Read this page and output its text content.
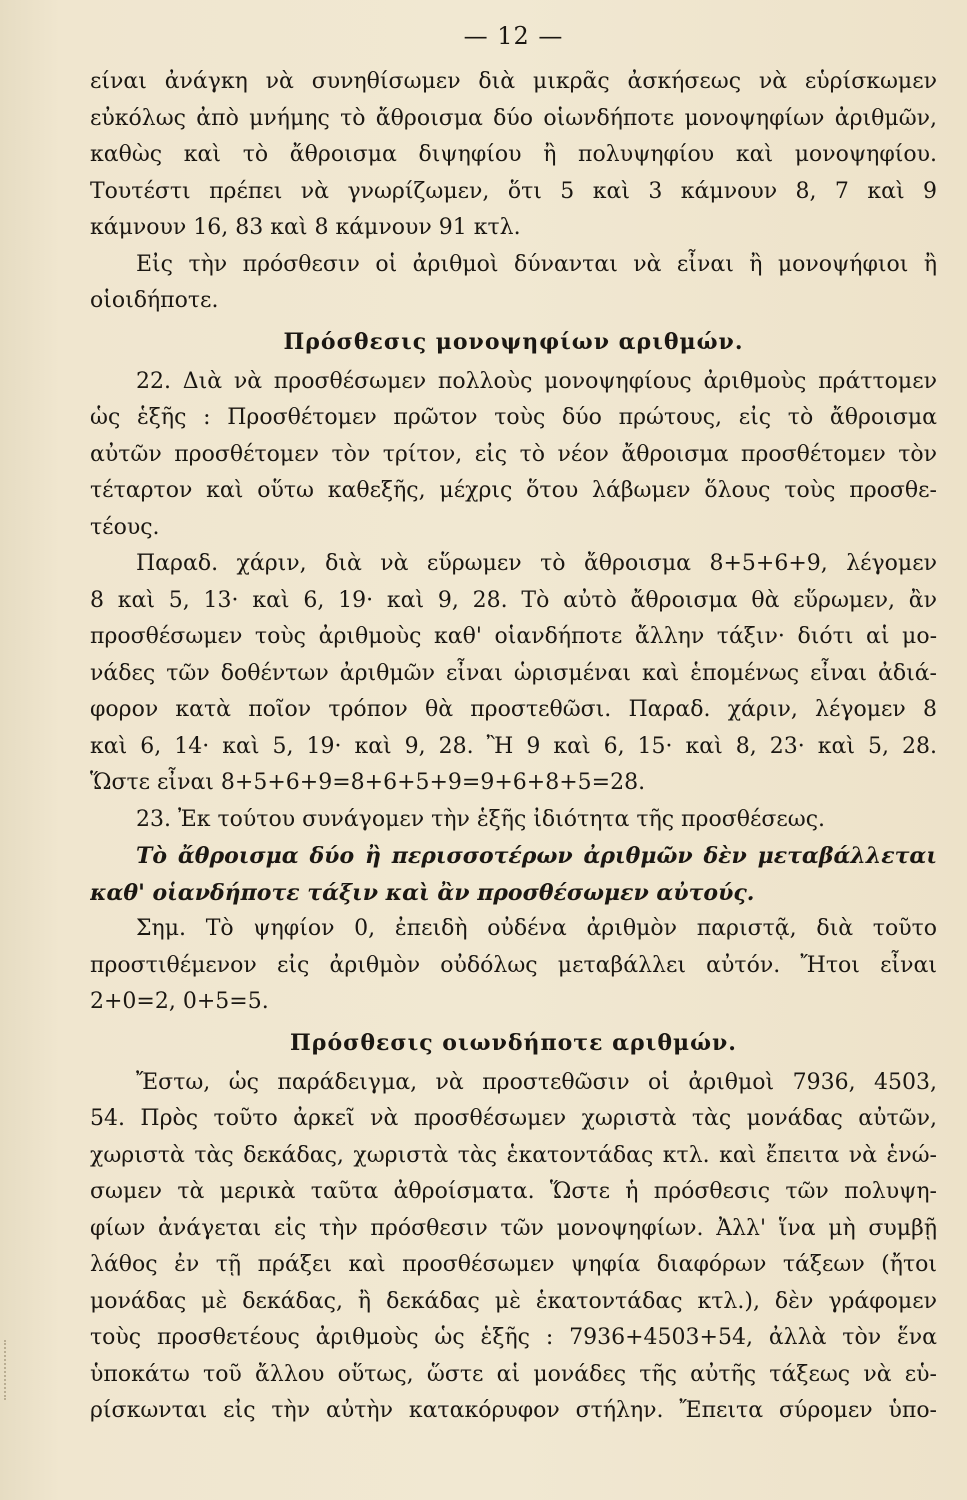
— 12 —
είναι ἀνάγκη νὰ συνηθίσωμεν διὰ μικρᾶς ἀσκήσεως νὰ εὑρίσκωμεν
εὐκόλως ἀπὸ μνήμης τὸ ἄθροισμα δύο οἱωνδήποτε μονοψηφίων ἀριθμῶν,
καθὼς καὶ τὸ ἄθροισμα διψηφίου ἢ πολυψηφίου καὶ μονοψηφίου.
Τουτέστι πρέπει νὰ γνωρίζωμεν, ὅτι 5 καὶ 3 κάμνουν 8, 7 καὶ 9
κάμνουν 16, 83 καὶ 8 κάμνουν 91 κτλ.
Εἰς τὴν πρόσθεσιν οἱ ἀριθμοὶ δύνανται νὰ εἶναι ἢ μονοψήφιοι ἢ
οἱοιδήποτε.
Πρόσθεσις μονοψηφίων αριθμών.
22. Διὰ νὰ προσθέσωμεν πολλοὺς μονοψηφίους ἀριθμοὺς πράττομεν
ὡς ἑξῆς : Προσθέτομεν πρῶτον τοὺς δύο πρώτους, εἰς τὸ ἄθροισμα
αὐτῶν προσθέτομεν τὸν τρίτον, εἰς τὸ νέον ἄθροισμα προσθέτομεν τὸν
τέταρτον καὶ οὕτω καθεξῆς, μέχρις ὅτου λάβωμεν ὅλους τοὺς προσθε-
τέους.
Παραδ. χάριν, διὰ νὰ εὕρωμεν τὸ ἄθροισμα 8+5+6+9, λέγομεν
8 καὶ 5, 13· καὶ 6, 19· καὶ 9, 28. Τὸ αὐτὸ ἄθροισμα θὰ εὕρωμεν, ἂν
προσθέσωμεν τοὺς ἀριθμοὺς καθ' οἱανδήποτε ἄλλην τάξιν· διότι αἱ μο-
νάδες τῶν δοθέντων ἀριθμῶν εἶναι ὡρισμέναι καὶ ἑπομένως εἶναι ἀδιά-
φορον κατὰ ποῖον τρόπον θὰ προστεθῶσι. Παραδ. χάριν, λέγομεν 8
καὶ 6, 14· καὶ 5, 19· καὶ 9, 28. Ἢ 9 καὶ 6, 15· καὶ 8, 23· καὶ 5, 28.
Ὥστε εἶναι 8+5+6+9=8+6+5+9=9+6+8+5=28.
23. Ἐκ τούτου συνάγομεν τὴν ἑξῆς ἰδιότητα τῆς προσθέσεως.
Τὸ ἄθροισμα δύο ἢ περισσοτέρων ἀριθμῶν δὲν μεταβάλλεται
καθ' οἱανδήποτε τάξιν καὶ ἂν προσθέσωμεν αὐτούς.
Σημ. Τὸ ψηφίον 0, ἐπειδὴ οὐδένα ἀριθμὸν παριστᾷ, διὰ τοῦτο
προστιθέμενον εἰς ἀριθμὸν οὐδόλως μεταβάλλει αὐτόν. Ἤτοι εἶναι
2+0=2, 0+5=5.
Πρόσθεσις οιωνδήποτε αριθμών.
Ἔστω, ὡς παράδειγμα, νὰ προστεθῶσιν οἱ ἀριθμοὶ 7936, 4503,
54. Πρὸς τοῦτο ἀρκεῖ νὰ προσθέσωμεν χωριστὰ τὰς μονάδας αὐτῶν,
χωριστὰ τὰς δεκάδας, χωριστὰ τὰς ἑκατοντάδας κτλ. καὶ ἔπειτα νὰ ἑνώ-
σωμεν τὰ μερικὰ ταῦτα ἀθροίσματα. Ὥστε ἡ πρόσθεσις τῶν πολυψη-
φίων ἀνάγεται εἰς τὴν πρόσθεσιν τῶν μονοψηφίων. Ἀλλ' ἵνα μὴ συμβῇ
λάθος ἐν τῇ πράξει καὶ προσθέσωμεν ψηφία διαφόρων τάξεων (ἤτοι
μονάδας μὲ δεκάδας, ἢ δεκάδας μὲ ἑκατοντάδας κτλ.), δὲν γράφομεν
τοὺς προσθετέους ἀριθμοὺς ὡς ἑξῆς : 7936+4503+54, ἀλλὰ τὸν ἕνα
ὑποκάτω τοῦ ἄλλου οὕτως, ὥστε αἱ μονάδες τῆς αὐτῆς τάξεως νὰ εὑ-
ρίσκωνται εἰς τὴν αὐτὴν κατακόρυφον στήλην. Ἔπειτα σύρομεν ὑπο-
